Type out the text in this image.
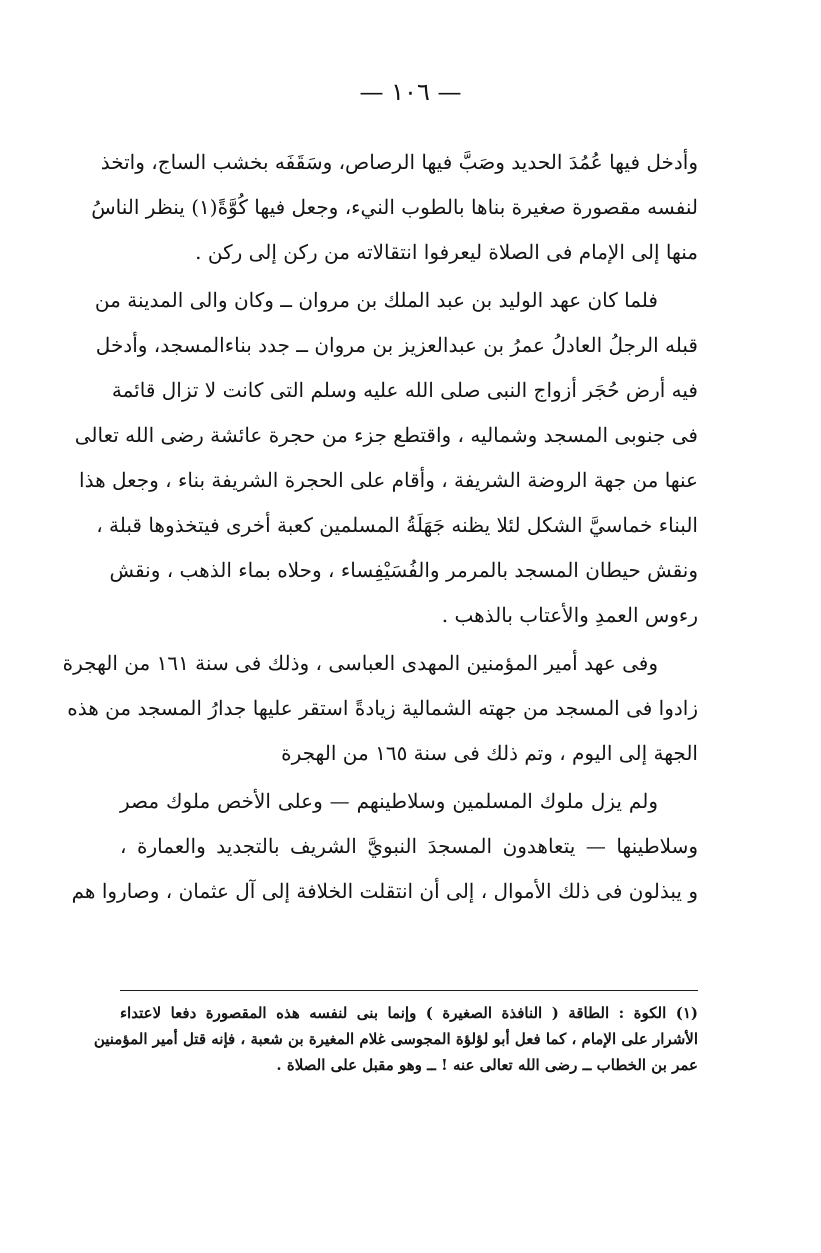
— ١٠٦ —
وأدخل فيها عُمُدَ الحديد وصَبَّ فيها الرصاص، وسَقَفَه بخشب الساج، واتخذ
لنفسه مقصورة صغيرة بناها بالطوب النيء، وجعل فيها كُوَّةً(١) ينظر الناسُ
منها إلى الإمام فى الصلاة ليعرفوا انتقالاته من ركن إلى ركن .
فلما كان عهد الوليد بن عبد الملك بن مروان ــ وكان والى المدينة من
قبله الرجلُ العادلُ عمرُ بن عبدالعزيز بن مروان ــ جدد بناءالمسجد، وأدخل
فيه أرض حُجَر أزواج النبى صلى الله عليه وسلم التى كانت لا تزال قائمة
فى جنوبى المسجد وشماليه ، واقتطع جزء من حجرة عائشة رضى الله تعالى
عنها من جهة الروضة الشريفة ، وأقام على الحجرة الشريفة بناء ، وجعل هذا
البناء خماسيَّ الشكل لئلا يظنه جَهَلَةُ المسلمين كعبة أخرى فيتخذوها قبلة ،
ونقش حيطان المسجد بالمرمر والفُسَيْفِساء ، وحلاه بماء الذهب ، ونقش
رءوس العمدِ والأعتاب بالذهب .
وفى عهد أمير المؤمنين المهدى العباسى ، وذلك فى سنة ١٦١ من الهجرة
زادوا فى المسجد من جهته الشمالية زيادةً استقر عليها جدارُ المسجد من هذه
الجهة إلى اليوم ، وتم ذلك فى سنة ١٦٥ من الهجرة
ولم يزل ملوك المسلمين وسلاطينهم — وعلى الأخص ملوك مصر
وسلاطينها — يتعاهدون المسجدَ النبويَّ الشريف بالتجديد والعمارة ،
و يبذلون فى ذلك الأموال ، إلى أن انتقلت الخلافة إلى آل عثمان ، وصاروا هم
(١) الكوة : الطاقة ( النافذة الصغيرة ) وإنما بنى لنفسه هذه المقصورة دفعا لاعتداء
الأشرار على الإمام ، كما فعل أبو لؤلؤة المجوسى غلام المغيرة بن شعبة ، فإنه قتل أمير المؤمنين
عمر بن الخطاب ــ رضى الله تعالى عنه ! ــ وهو مقبل على الصلاة .
